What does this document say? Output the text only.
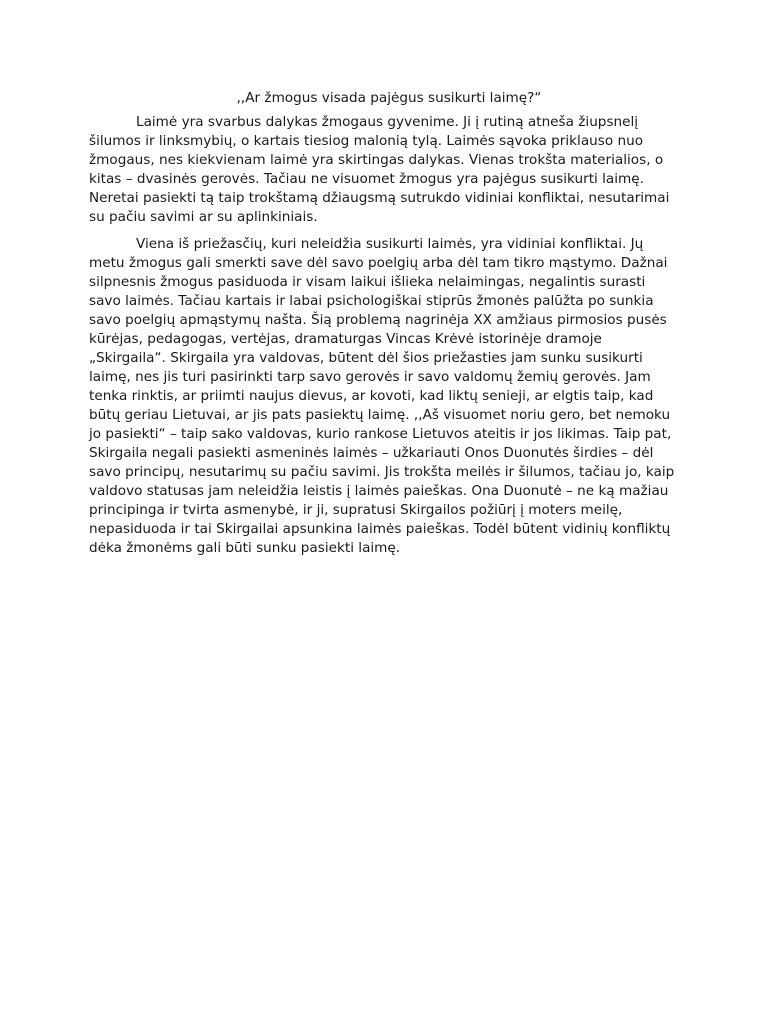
,,Ar žmogus visada pajėgus susikurti laimę?“

Laimė yra svarbus dalykas žmogaus gyvenime. Ji į rutiną atneša žiupsnelį šilumos ir linksmybių, o kartais tiesiog malonią tylą. Laimės sąvoka priklauso nuo žmogaus, nes kiekvienam laimė yra skirtingas dalykas. Vienas trokšta materialios, o kitas – dvasinės gerovės. Tačiau ne visuomet žmogus yra pajėgus susikurti laimę. Neretai pasiekti tą taip trokštamą džiaugsmą sutrukdo vidiniai konfliktai, nesutarimai su pačiu savimi ar su aplinkiniais.

Viena iš priežasčių, kuri neleidžia susikurti laimės, yra vidiniai konfliktai. Jų metu žmogus gali smerkti save dėl savo poelgių arba dėl tam tikro mąstymo. Dažnai silpnesnis žmogus pasiduoda ir visam laikui išlieka nelaimingas, negalintis surasti savo laimės. Tačiau kartais ir labai psichologiškai stiprūs žmonės palūžta po sunkia savo poelgių apmąstymų našta. Šią problemą nagrinėja XX amžiaus pirmosios pusės kūrėjas, pedagogas, vertėjas, dramaturgas Vincas Krėvė istorinėje dramoje „Skirgaila“. Skirgaila yra valdovas, būtent dėl šios priežasties jam sunku susikurti laimę, nes jis turi pasirinkti tarp savo gerovės ir savo valdomų žemių gerovės. Jam tenka rinktis, ar priimti naujus dievus, ar kovoti, kad liktų senieji, ar elgtis taip, kad būtų geriau Lietuvai, ar jis pats pasiektų laimę. ,,Aš visuomet noriu gero, bet nemoku jo pasiekti“ – taip sako valdovas, kurio rankose Lietuvos ateitis ir jos likimas. Taip pat, Skirgaila negali pasiekti asmeninės laimės – užkariauti Onos Duonutės širdies – dėl savo principų, nesutarimų su pačiu savimi. Jis trokšta meilės ir šilumos, tačiau jo, kaip valdovo statusas jam neleidžia leistis į laimės paieškas. Ona Duonutė – ne ką mažiau principinga ir tvirta asmenybė, ir ji, supratusi Skirgailos požiūrį į moters meilę, nepasiduoda ir tai Skirgailai apsunkina laimės paieškas. Todėl būtent vidinių konfliktų dėka žmonėms gali būti sunku pasiekti laimę.
